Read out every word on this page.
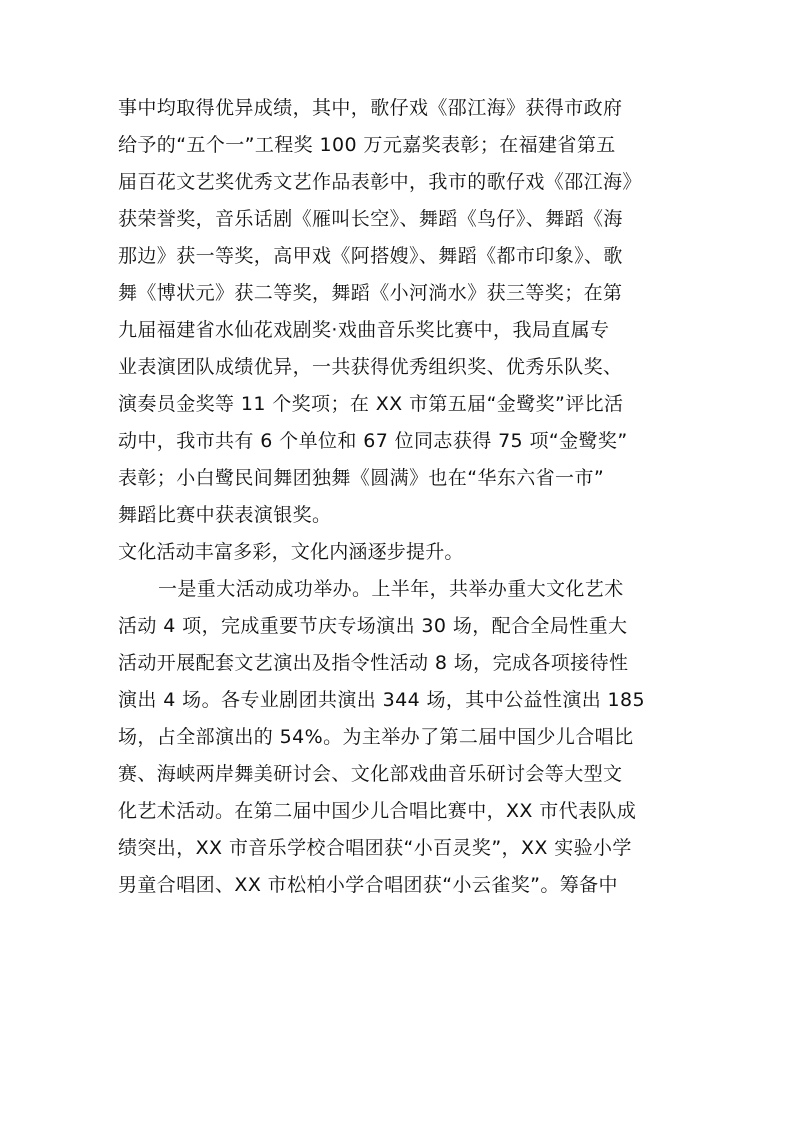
事中均取得优异成绩，其中，歌仔戏《邵江海》获得市政府
给予的“五个一”工程奖 100 万元嘉奖表彰；在福建省第五
届百花文艺奖优秀文艺作品表彰中，我市的歌仔戏《邵江海》
获荣誉奖，音乐话剧《雁叫长空》、舞蹈《鸟仔》、舞蹈《海
那边》获一等奖，高甲戏《阿搭嫂》、舞蹈《都市印象》、歌
舞《博状元》获二等奖，舞蹈《小河淌水》获三等奖；在第
九届福建省水仙花戏剧奖·戏曲音乐奖比赛中，我局直属专
业表演团队成绩优异，一共获得优秀组织奖、优秀乐队奖、
演奏员金奖等 11 个奖项；在 XX 市第五届“金鹭奖”评比活
动中，我市共有 6 个单位和 67 位同志获得 75 项“金鹭奖”
表彰；小白鹭民间舞团独舞《圆满》也在“华东六省一市”
舞蹈比赛中获表演银奖。
文化活动丰富多彩，文化内涵逐步提升。
一是重大活动成功举办。上半年，共举办重大文化艺术
活动 4 项，完成重要节庆专场演出 30 场，配合全局性重大
活动开展配套文艺演出及指令性活动 8 场，完成各项接待性
演出 4 场。各专业剧团共演出 344 场，其中公益性演出 185
场，占全部演出的 54%。为主举办了第二届中国少儿合唱比
赛、海峡两岸舞美研讨会、文化部戏曲音乐研讨会等大型文
化艺术活动。在第二届中国少儿合唱比赛中，XX 市代表队成
绩突出，XX 市音乐学校合唱团获“小百灵奖”，XX 实验小学
男童合唱团、XX 市松柏小学合唱团获“小云雀奖”。筹备中
